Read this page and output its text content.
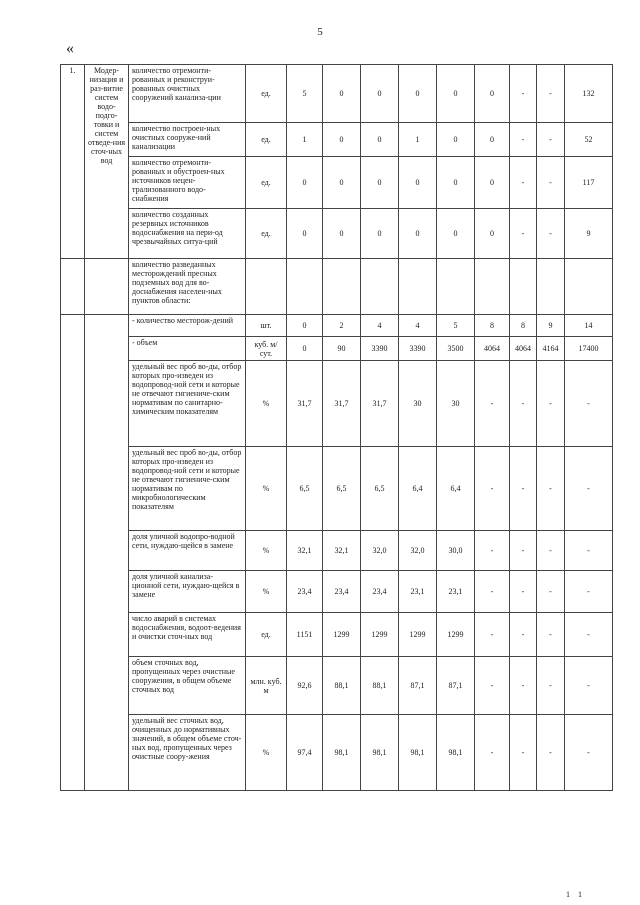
5
«
1.	Модер-низация и раз-витие систем водо-подго-товки и систем отведе-ния сточ-ных вод	количество отремонти-рованных и реконструи-рованных очистных сооружений канализа-ции	ед.	5	0	0	0	0	0	-	-	132
		количество построен-ных очистных сооруже-ний канализации	ед.	1	0	0	1	0	0	-	-	52
		количество отремонти-рованных и обустроен-ных источников нецен-трализованного водо-снабжения	ед.	0	0	0	0	0	0	-	-	117
		количество созданных резервных источников водоснабжения на пери-од чрезвычайных ситуа-ций	ед.	0	0	0	0	0	0	-	-	9
		количество разведанных месторождений пресных подземных вод для во-доснабжения населен-ных пунктов области:										
		- количество месторож-дений	шт.	0	2	4	4	5	8	8	9	14
		- объем	куб. м/ сут.	0	90	3390	3390	3500	4064	4064	4164	17400
		удельный вес проб во-ды, отбор которых про-изведен из водопровод-ной сети и которые не отвечают гигиениче-ским нормативам по санитарно-химическим показателям	%	31,7	31,7	31,7	30	30	-	-	-	-
		удельный вес проб во-ды, отбор которых про-изведен из водопровод-ной сети и которые не отвечают гигиениче-ским нормативам по микробиологическим показателям	%	6,5	6,5	6,5	6,4	6,4	-	-	-	-
		доля уличной водопро-водной сети, нуждаю-щейся в замене	%	32,1	32,1	32,0	32,0	30,0	-	-	-	-
		доля уличной канализа-ционной сети, нуждаю-щейся в замене	%	23,4	23,4	23,4	23,1	23,1	-	-	-	-
		число аварий в системах водоснабжения, водоот-ведения и очистки сточ-ных вод	ед.	1151	1299	1299	1299	1299	-	-	-	-
		объем сточных вод, пропущенных через очистные сооружения, в общем объеме сточных вод	млн. куб. м	92,6	88,1	88,1	87,1	87,1	-	-	-	-
		удельный вес сточных вод, очищенных до нормативных значений, в общем объеме сточ-ных вод, пропущенных через очистные соору-жения	%	97,4	98,1	98,1	98,1	98,1	-	-	-	-
1 1
